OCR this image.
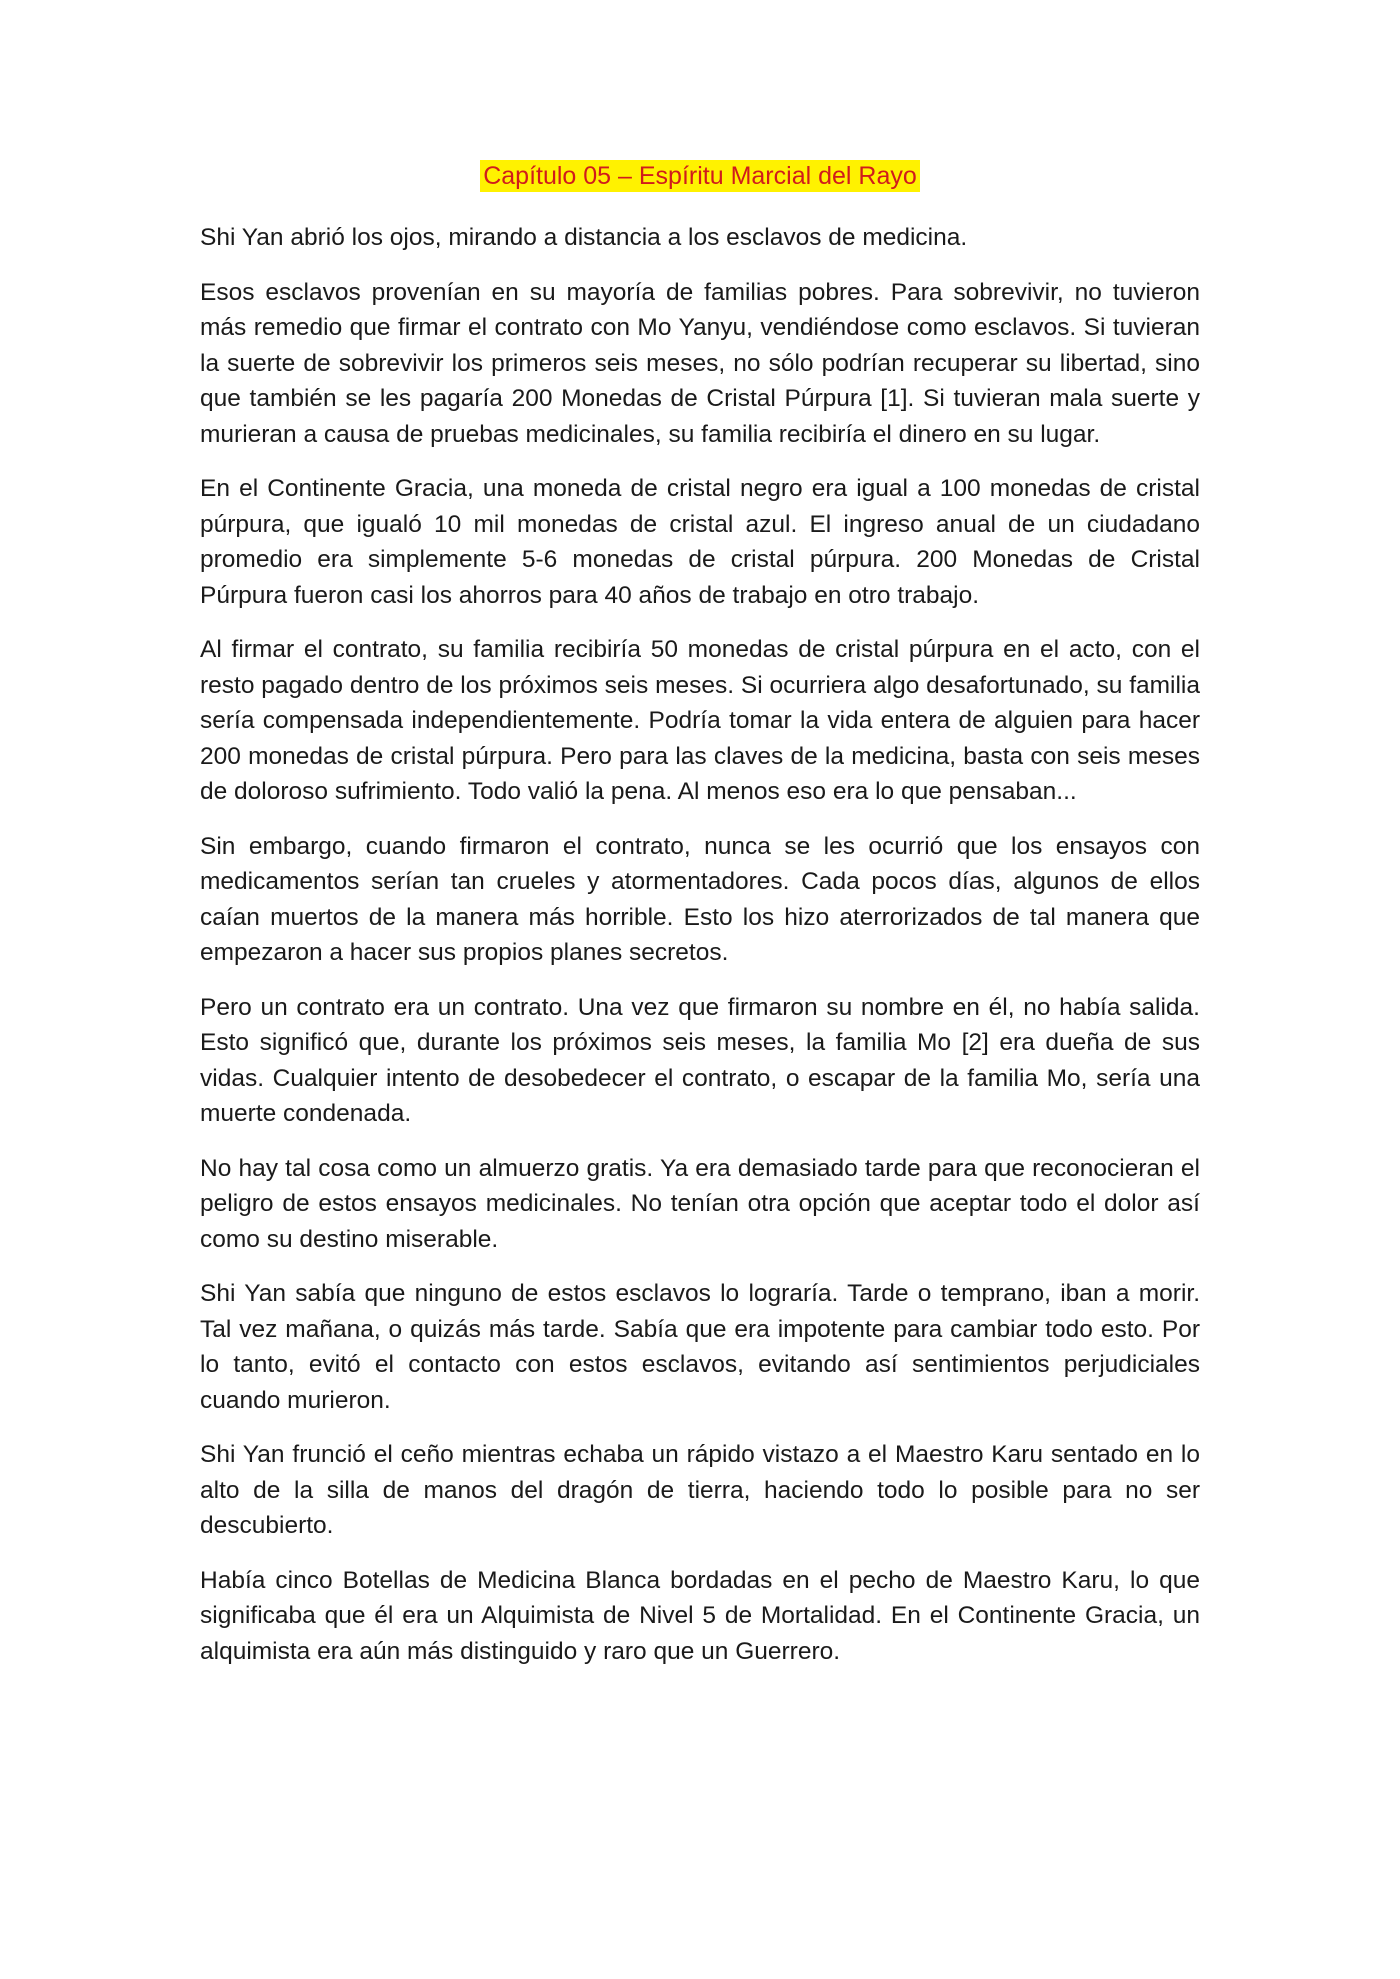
Capítulo 05 – Espíritu Marcial del Rayo

Shi Yan abrió los ojos, mirando a distancia a los esclavos de medicina.

Esos esclavos provenían en su mayoría de familias pobres. Para sobrevivir, no tuvieron más remedio que firmar el contrato con Mo Yanyu, vendiéndose como esclavos. Si tuvieran la suerte de sobrevivir los primeros seis meses, no sólo podrían recuperar su libertad, sino que también se les pagaría 200 Monedas de Cristal Púrpura [1]. Si tuvieran mala suerte y murieran a causa de pruebas medicinales, su familia recibiría el dinero en su lugar.

En el Continente Gracia, una moneda de cristal negro era igual a 100 monedas de cristal púrpura, que igualó 10 mil monedas de cristal azul. El ingreso anual de un ciudadano promedio era simplemente 5-6 monedas de cristal púrpura. 200 Monedas de Cristal Púrpura fueron casi los ahorros para 40 años de trabajo en otro trabajo.

Al firmar el contrato, su familia recibiría 50 monedas de cristal púrpura en el acto, con el resto pagado dentro de los próximos seis meses. Si ocurriera algo desafortunado, su familia sería compensada independientemente. Podría tomar la vida entera de alguien para hacer 200 monedas de cristal púrpura. Pero para las claves de la medicina, basta con seis meses de doloroso sufrimiento. Todo valió la pena. Al menos eso era lo que pensaban...

Sin embargo, cuando firmaron el contrato, nunca se les ocurrió que los ensayos con medicamentos serían tan crueles y atormentadores. Cada pocos días, algunos de ellos caían muertos de la manera más horrible. Esto los hizo aterrorizados de tal manera que empezaron a hacer sus propios planes secretos.

Pero un contrato era un contrato. Una vez que firmaron su nombre en él, no había salida. Esto significó que, durante los próximos seis meses, la familia Mo [2] era dueña de sus vidas. Cualquier intento de desobedecer el contrato, o escapar de la familia Mo, sería una muerte condenada.

No hay tal cosa como un almuerzo gratis. Ya era demasiado tarde para que reconocieran el peligro de estos ensayos medicinales. No tenían otra opción que aceptar todo el dolor así como su destino miserable.

Shi Yan sabía que ninguno de estos esclavos lo lograría. Tarde o temprano, iban a morir. Tal vez mañana, o quizás más tarde. Sabía que era impotente para cambiar todo esto. Por lo tanto, evitó el contacto con estos esclavos, evitando así sentimientos perjudiciales cuando murieron.

Shi Yan frunció el ceño mientras echaba un rápido vistazo a el Maestro Karu sentado en lo alto de la silla de manos del dragón de tierra, haciendo todo lo posible para no ser descubierto.

Había cinco Botellas de Medicina Blanca bordadas en el pecho de Maestro Karu, lo que significaba que él era un Alquimista de Nivel 5 de Mortalidad. En el Continente Gracia, un alquimista era aún más distinguido y raro que un Guerrero.
